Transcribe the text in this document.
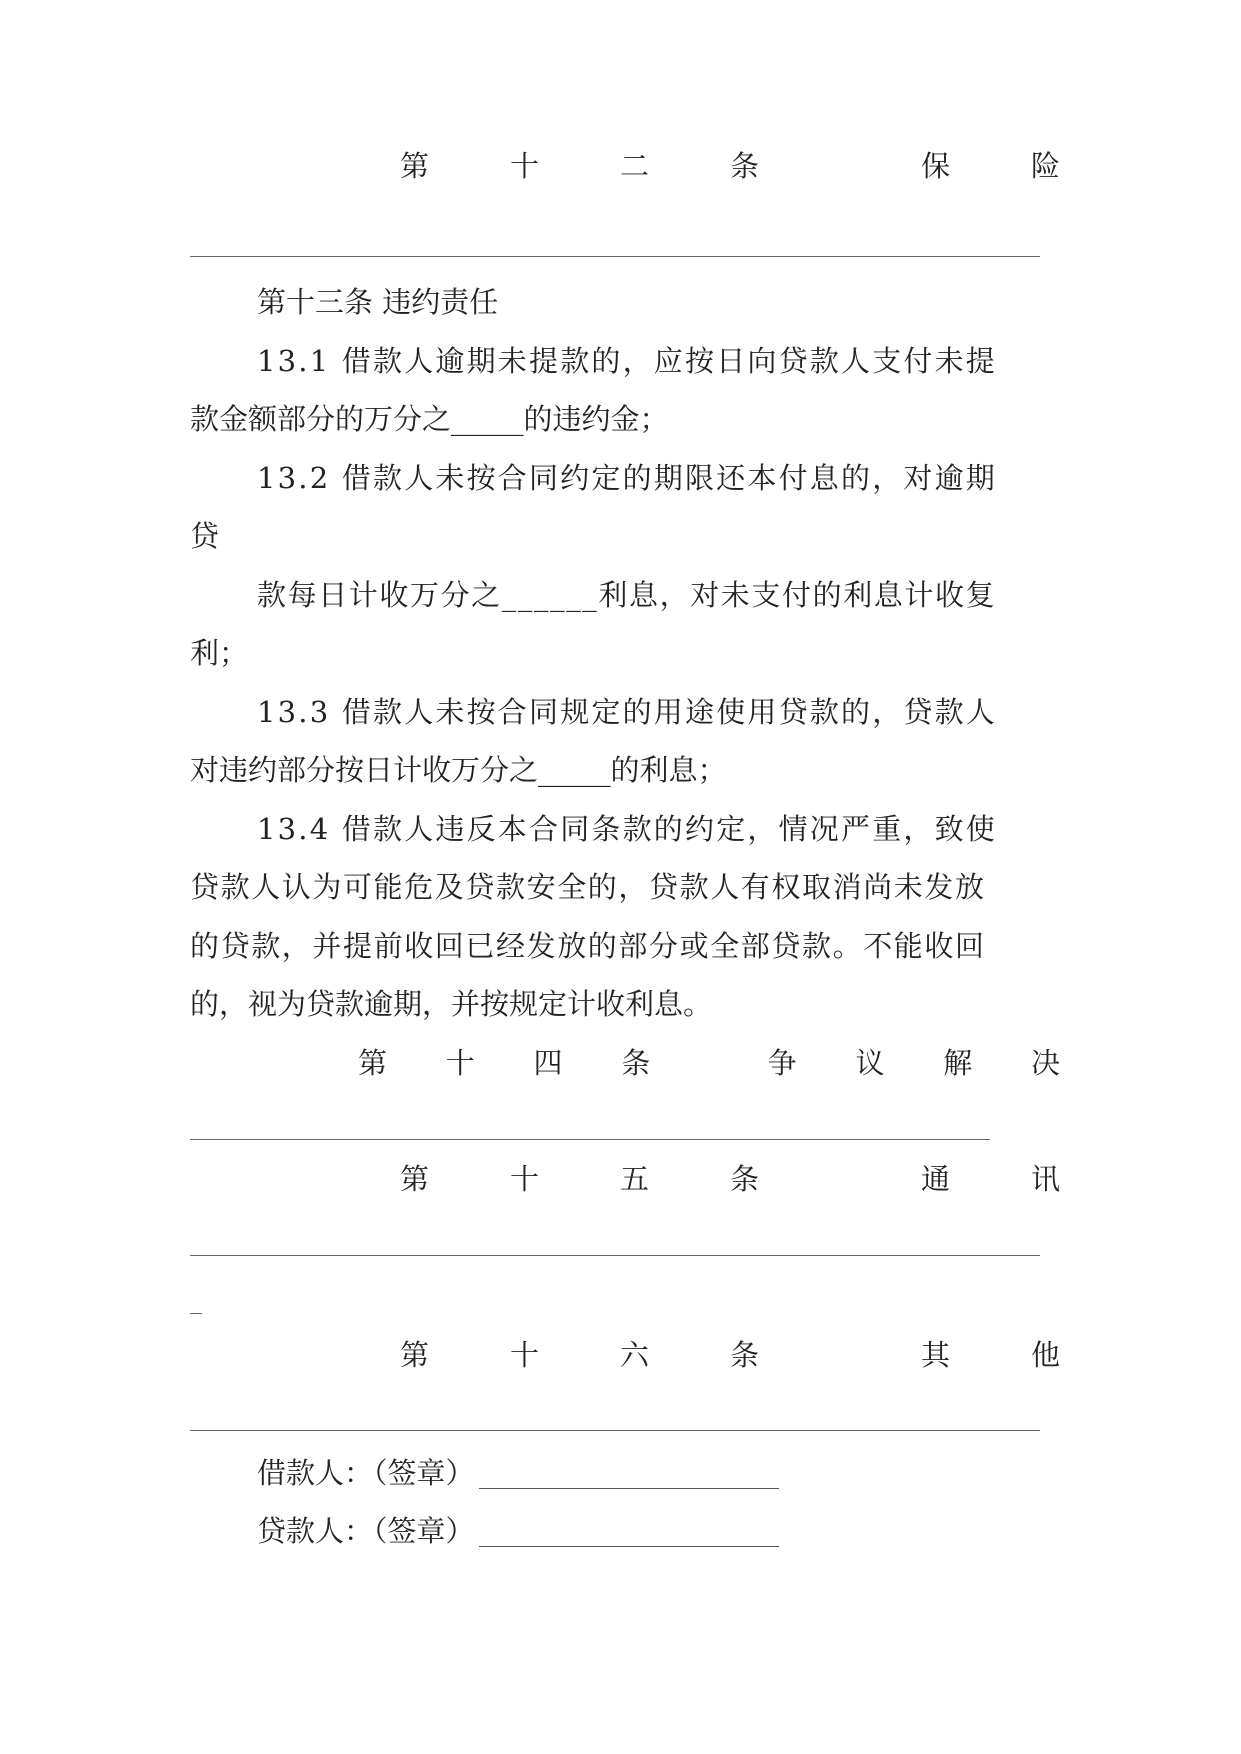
第	十	二	条	保	险
第十三条 违约责任
13.1 借款人逾期未提款的，应按日向贷款人支付未提
款金额部分的万分之_____的违约金；
13.2 借款人未按合同约定的期限还本付息的，对逾期
贷
款每日计收万分之______利息，对未支付的利息计收复
利；
13.3 借款人未按合同规定的用途使用贷款的，贷款人
对违约部分按日计收万分之_____的利息；
13.4 借款人违反本合同条款的约定，情况严重，致使
贷款人认为可能危及贷款安全的，贷款人有权取消尚未发放
的贷款，并提前收回已经发放的部分或全部贷款。不能收回
的，视为贷款逾期，并按规定计收利息。
第 十 四 条	争 议 解 决
第	十	五	条	通	讯
第	十	六	条	其	他
借款人：（签章）
贷款人：（签章）
